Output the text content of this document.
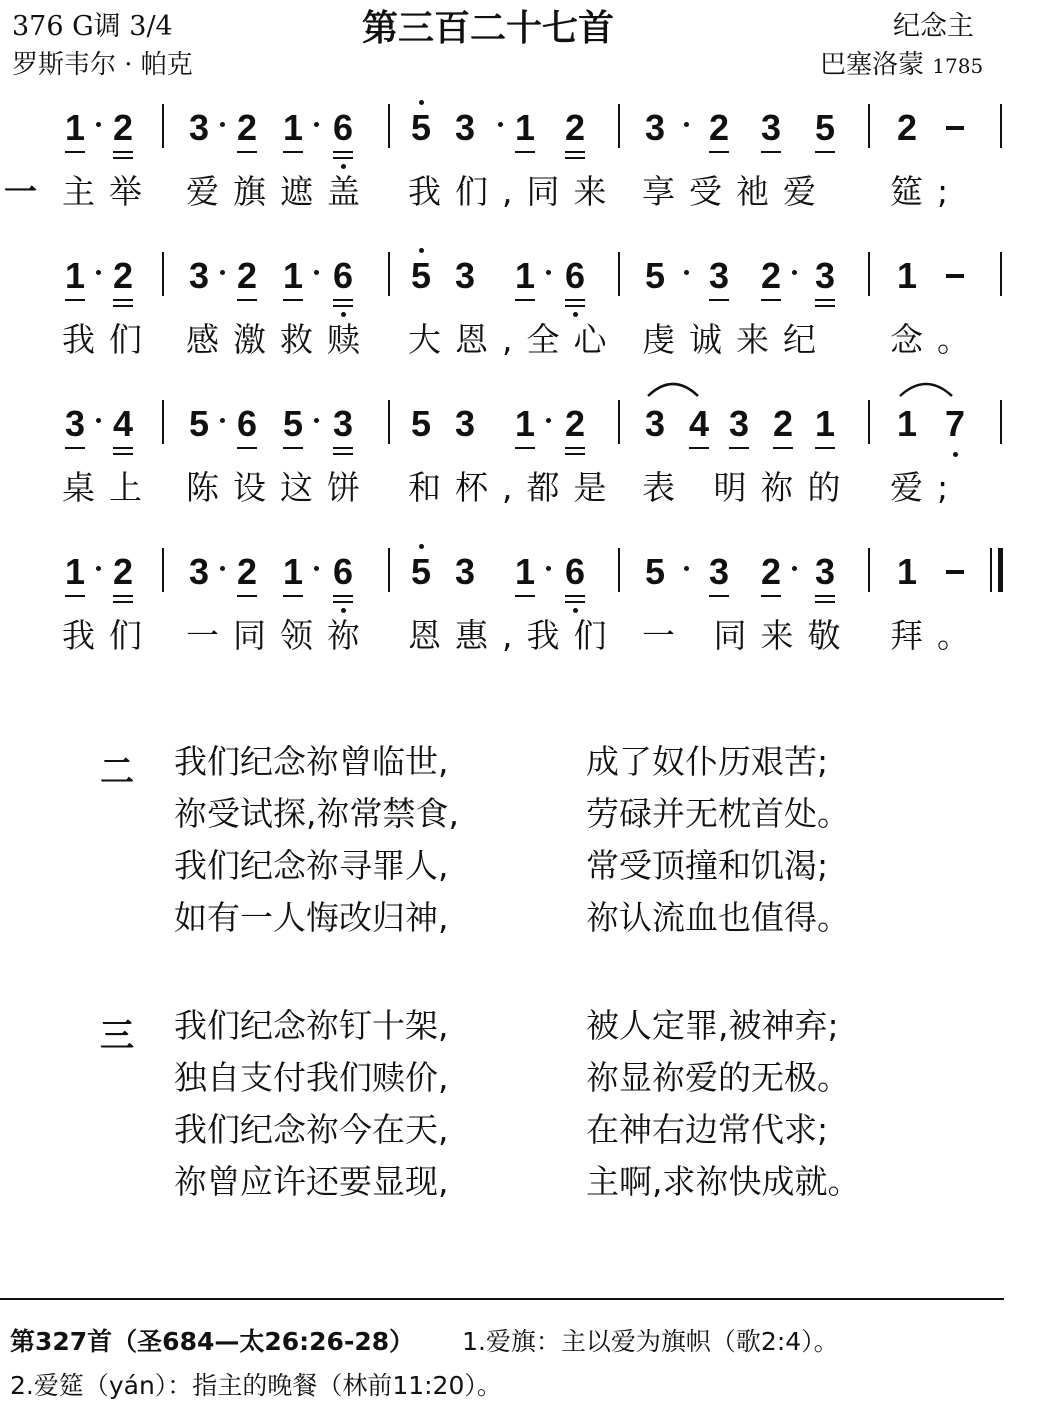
376 G调 3/4
罗斯韦尔 · 帕克
第三百二十七首	纪念主
巴塞洛蒙 1785
1 2 3 2 1 6 5 3 1 2 3 2 3 5 2
一 主举 爱旗遮盖 我们,同来 享受祂爱 筵;
1 2 3 2 1 6 5 3 1 6 5 3 2 3 1
我们 感激救赎 大恩,全心 虔诚来纪 念。
3 4 5 6 5 3 5 3 1 2 3 4 3 2 1 1 7
桌上 陈设这饼 和杯,都是 表 明祢的 爱;
1 2 3 2 1 6 5 3 1 6 5 3 2 3 1
我们 一同领祢 恩惠,我们 一 同来敬 拜。
二 我们纪念祢曾临世,	成了奴仆历艰苦;
祢受试探,祢常禁食,	劳碌并无枕首处。
我们纪念祢寻罪人,	常受顶撞和饥渴;
如有一人悔改归神,	祢认流血也值得。
三 我们纪念祢钉十架,	被人定罪,被神弃;
独自支付我们赎价,	祢显祢爱的无极。
我们纪念祢今在天,	在神右边常代求;
祢曾应许还要显现,	主啊,求祢快成就。
第327首（圣684—太26:26-28） 1.爱旗：主以爱为旗帜（歌2:4）。
2.爱筵（yán）：指主的晚餐（林前11:20）。
